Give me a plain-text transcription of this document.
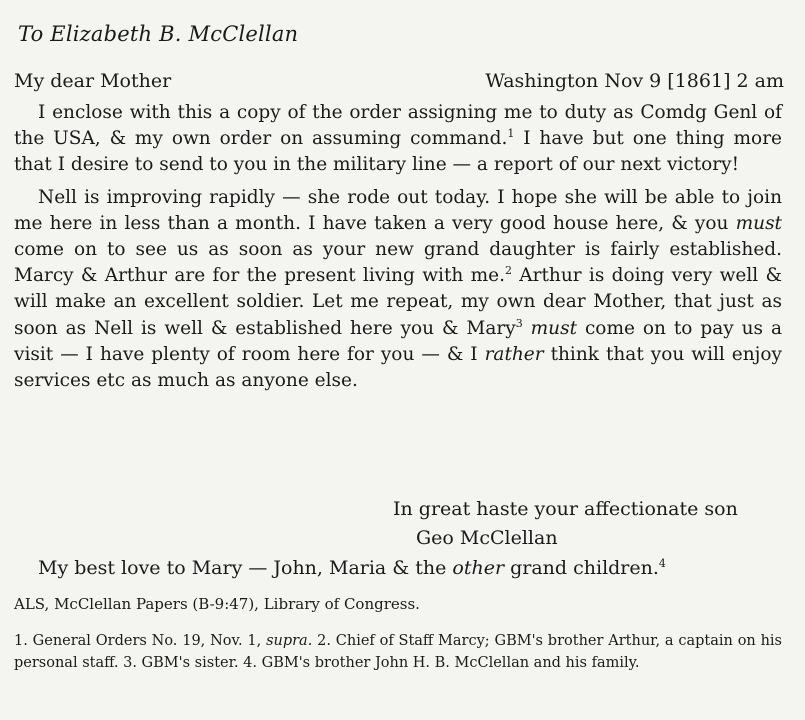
To Elizabeth B. McClellan
My dear Mother	Washington Nov 9 [1861] 2 am

I enclose with this a copy of the order assigning me to duty as Comdg Genl of the USA, & my own order on assuming command.$^1$ I have but one thing more that I desire to send to you in the military line — a report of our next victory!

Nell is improving rapidly — she rode out today. I hope she will be able to join me here in less than a month. I have taken a very good house here, & you must come on to see us as soon as your new grand daughter is fairly established. Marcy & Arthur are for the present living with me.$^2$ Arthur is doing very well & will make an excellent soldier. Let me repeat, my own dear Mother, that just as soon as Nell is well & established here you & Mary$^3$ must come on to pay us a visit — I have plenty of room here for you — & I rather think that you will enjoy services etc as much as anyone else.

In great haste your affectionate son
Geo McClellan
My best love to Mary — John, Maria & the other grand children.$^4$
ALS, McClellan Papers (B-9:47), Library of Congress.
1. General Orders No. 19, Nov. 1, supra. 2. Chief of Staff Marcy; GBM's brother Arthur, a captain on his personal staff. 3. GBM's sister. 4. GBM's brother John H. B. McClellan and his family.
